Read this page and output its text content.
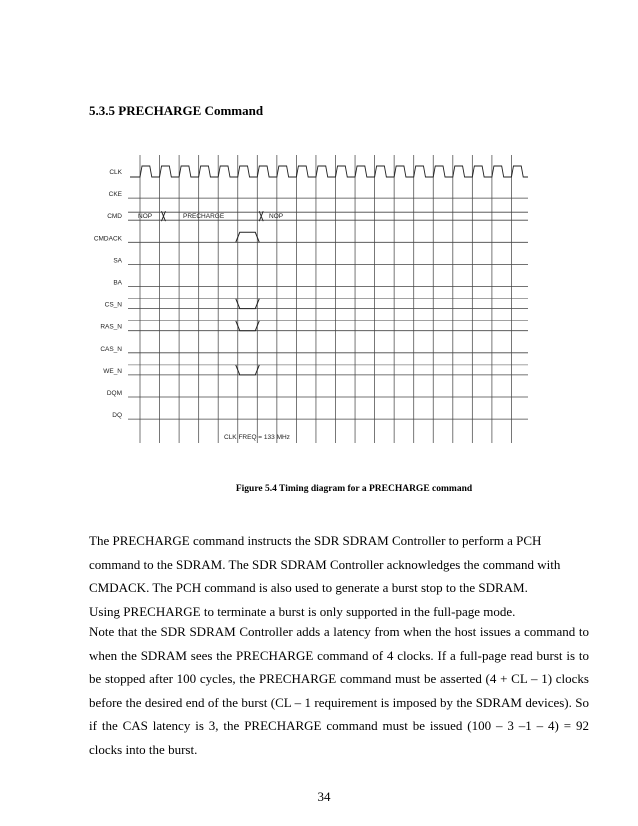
5.3.5 PRECHARGE Command
CLK
CKE
CMD
CMDACK
SA
BA
CS_N
RAS_N
CAS_N
WE_N
DQM
DQ
NOP	PRECHARGE	NOP
CLK FREQ = 133 MHz
Figure 5.4 Timing diagram for a PRECHARGE command
The PRECHARGE command instructs the SDR SDRAM Controller to perform a PCH command to the SDRAM. The SDR SDRAM Controller acknowledges the command with CMDACK. The PCH command is also used to generate a burst stop to the SDRAM. Using PRECHARGE to terminate a burst is only supported in the full-page mode.
Note that the SDR SDRAM Controller adds a latency from when the host issues a command to when the SDRAM sees the PRECHARGE command of 4 clocks. If a full-page read burst is to be stopped after 100 cycles, the PRECHARGE command must be asserted (4 + CL – 1) clocks before the desired end of the burst (CL – 1 requirement is imposed by the SDRAM devices). So if the CAS latency is 3, the PRECHARGE command must be issued (100 – 3 –1 – 4) = 92 clocks into the burst.
34
